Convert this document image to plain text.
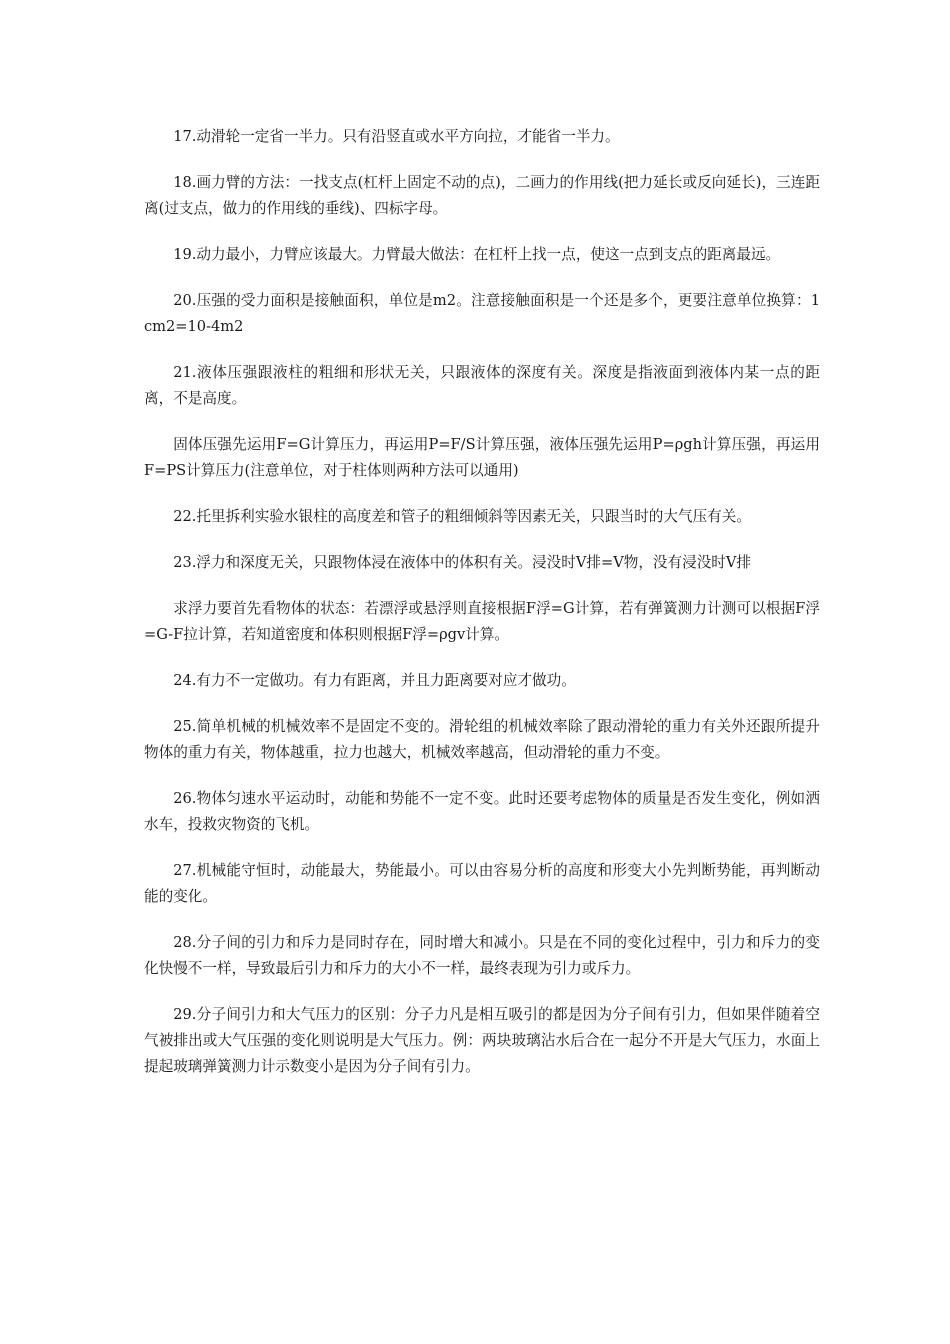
17.动滑轮一定省一半力。只有沿竖直或水平方向拉，才能省一半力。

18.画力臂的方法：一找支点(杠杆上固定不动的点)，二画力的作用线(把力延长或反向延长)，三连距离(过支点，做力的作用线的垂线)、四标字母。

19.动力最小，力臂应该最大。力臂最大做法：在杠杆上找一点，使这一点到支点的距离最远。

20.压强的受力面积是接触面积，单位是m2。注意接触面积是一个还是多个，更要注意单位换算：1cm2=10-4m2

21.液体压强跟液柱的粗细和形状无关，只跟液体的深度有关。深度是指液面到液体内某一点的距离，不是高度。

固体压强先运用F=G计算压力，再运用P=F/S计算压强，液体压强先运用P=ρgh计算压强，再运用F=PS计算压力(注意单位，对于柱体则两种方法可以通用)

22.托里拆利实验水银柱的高度差和管子的粗细倾斜等因素无关，只跟当时的大气压有关。

23.浮力和深度无关，只跟物体浸在液体中的体积有关。浸没时V排=V物，没有浸没时V排

求浮力要首先看物体的状态：若漂浮或悬浮则直接根据F浮=G计算，若有弹簧测力计测可以根据F浮=G-F拉计算，若知道密度和体积则根据F浮=ρgv计算。

24.有力不一定做功。有力有距离，并且力距离要对应才做功。

25.简单机械的机械效率不是固定不变的。滑轮组的机械效率除了跟动滑轮的重力有关外还跟所提升物体的重力有关，物体越重，拉力也越大，机械效率越高，但动滑轮的重力不变。

26.物体匀速水平运动时，动能和势能不一定不变。此时还要考虑物体的质量是否发生变化，例如洒水车，投救灾物资的飞机。

27.机械能守恒时，动能最大，势能最小。可以由容易分析的高度和形变大小先判断势能，再判断动能的变化。

28.分子间的引力和斥力是同时存在，同时增大和减小。只是在不同的变化过程中，引力和斥力的变化快慢不一样，导致最后引力和斥力的大小不一样，最终表现为引力或斥力。

29.分子间引力和大气压力的区别：分子力凡是相互吸引的都是因为分子间有引力，但如果伴随着空气被排出或大气压强的变化则说明是大气压力。例：两块玻璃沾水后合在一起分不开是大气压力，水面上提起玻璃弹簧测力计示数变小是因为分子间有引力。
